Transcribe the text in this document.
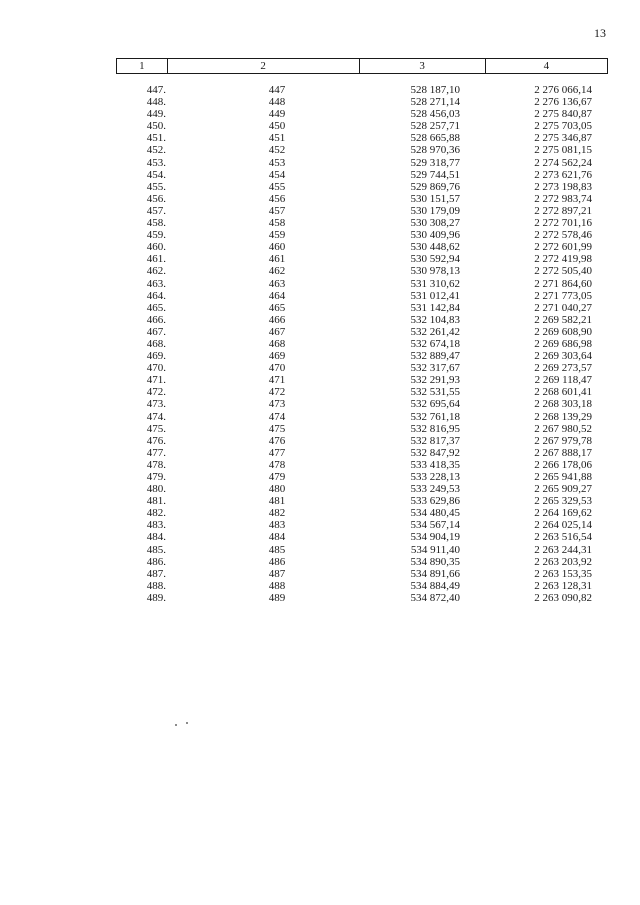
13
1	2	3	4
447.	447	528 187,10	2 276 066,14
448.	448	528 271,14	2 276 136,67
449.	449	528 456,03	2 275 840,87
450.	450	528 257,71	2 275 703,05
451.	451	528 665,88	2 275 346,87
452.	452	528 970,36	2 275 081,15
453.	453	529 318,77	2 274 562,24
454.	454	529 744,51	2 273 621,76
455.	455	529 869,76	2 273 198,83
456.	456	530 151,57	2 272 983,74
457.	457	530 179,09	2 272 897,21
458.	458	530 308,27	2 272 701,16
459.	459	530 409,96	2 272 578,46
460.	460	530 448,62	2 272 601,99
461.	461	530 592,94	2 272 419,98
462.	462	530 978,13	2 272 505,40
463.	463	531 310,62	2 271 864,60
464.	464	531 012,41	2 271 773,05
465.	465	531 142,84	2 271 040,27
466.	466	532 104,83	2 269 582,21
467.	467	532 261,42	2 269 608,90
468.	468	532 674,18	2 269 686,98
469.	469	532 889,47	2 269 303,64
470.	470	532 317,67	2 269 273,57
471.	471	532 291,93	2 269 118,47
472.	472	532 531,55	2 268 601,41
473.	473	532 695,64	2 268 303,18
474.	474	532 761,18	2 268 139,29
475.	475	532 816,95	2 267 980,52
476.	476	532 817,37	2 267 979,78
477.	477	532 847,92	2 267 888,17
478.	478	533 418,35	2 266 178,06
479.	479	533 228,13	2 265 941,88
480.	480	533 249,53	2 265 909,27
481.	481	533 629,86	2 265 329,53
482.	482	534 480,45	2 264 169,62
483.	483	534 567,14	2 264 025,14
484.	484	534 904,19	2 263 516,54
485.	485	534 911,40	2 263 244,31
486.	486	534 890,35	2 263 203,92
487.	487	534 891,66	2 263 153,35
488.	488	534 884,49	2 263 128,31
489.	489	534 872,40	2 263 090,82
